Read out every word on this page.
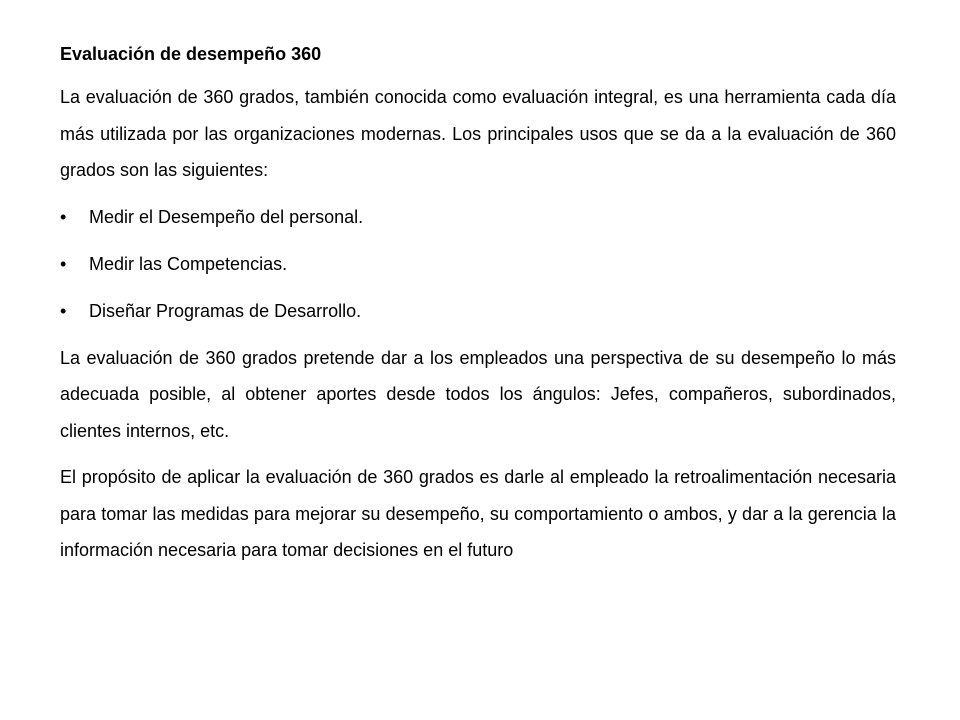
Evaluación de desempeño 360

La evaluación de 360 grados, también conocida como evaluación integral, es una herramienta cada día más utilizada por las organizaciones modernas. Los principales usos que se da a la evaluación de 360 grados son las siguientes:

• Medir el Desempeño del personal.
• Medir las Competencias.
• Diseñar Programas de Desarrollo.

La evaluación de 360 grados pretende dar a los empleados una perspectiva de su desempeño lo más adecuada posible, al obtener aportes desde todos los ángulos: Jefes, compañeros, subordinados, clientes internos, etc.

El propósito de aplicar la evaluación de 360 grados es darle al empleado la retroalimentación necesaria para tomar las medidas para mejorar su desempeño, su comportamiento o ambos, y dar a la gerencia la información necesaria para tomar decisiones en el futuro
